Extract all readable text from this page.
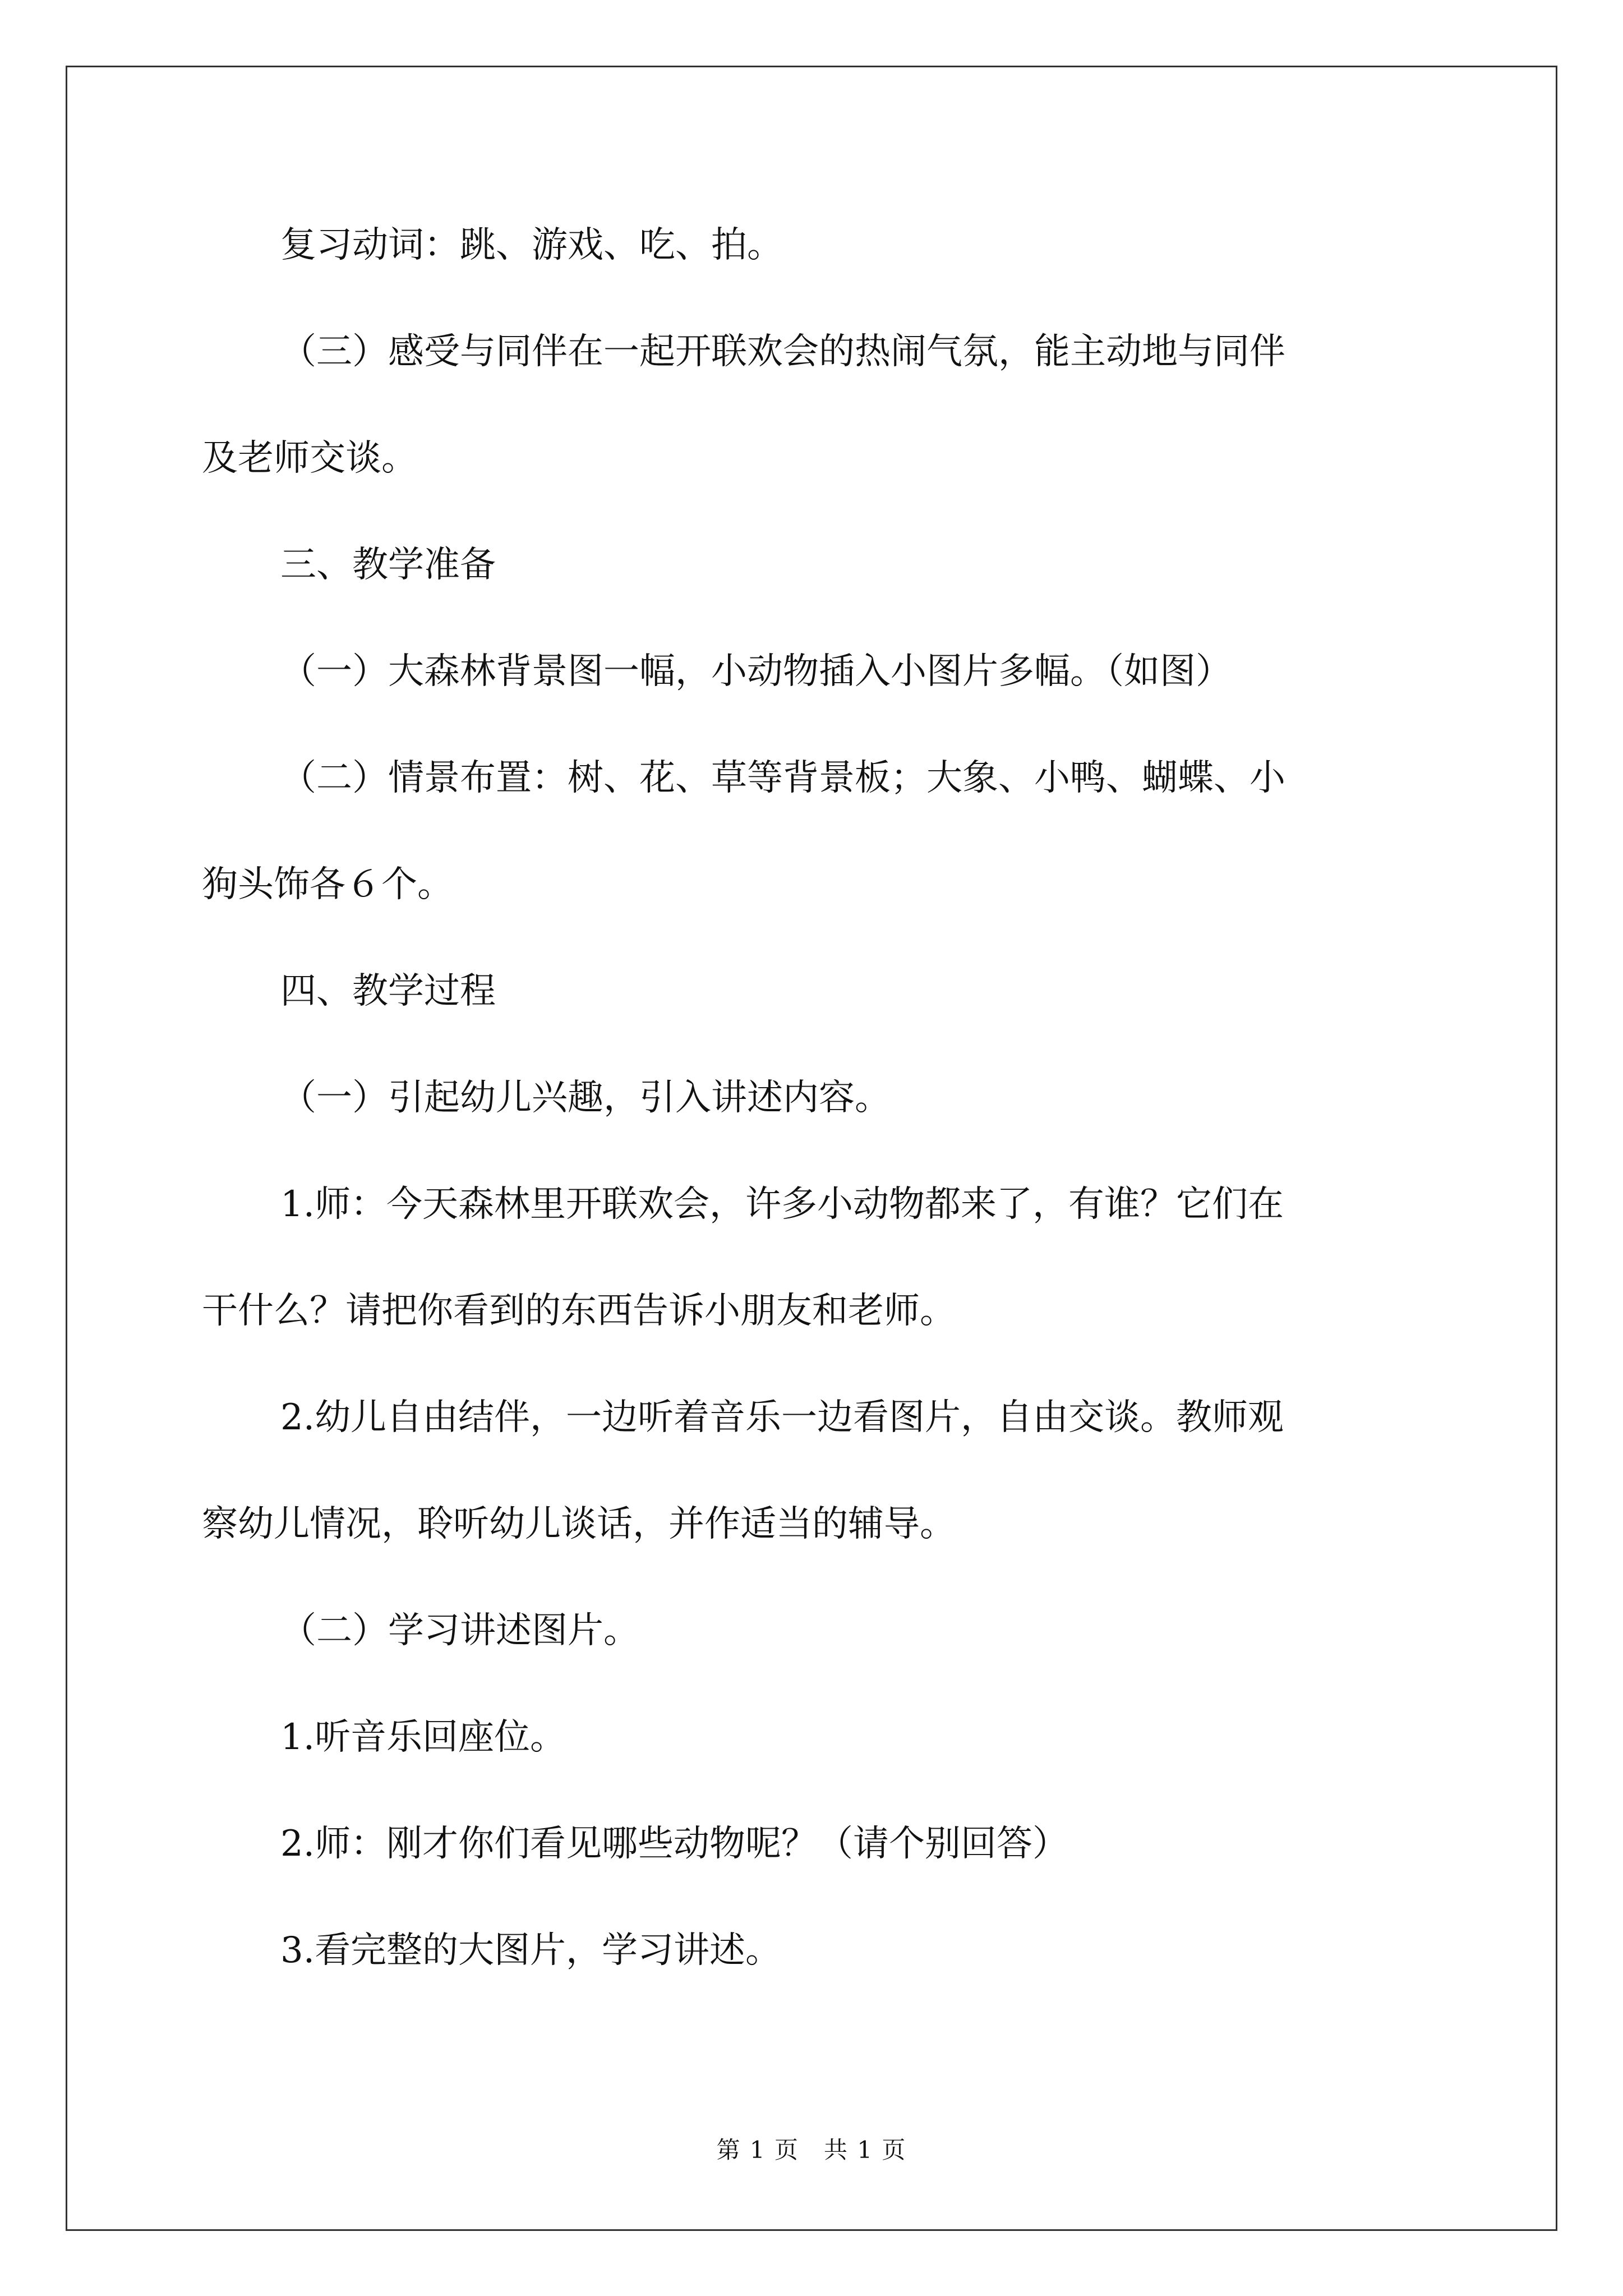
复习动词：跳、游戏、吃、拍。
（三）感受与同伴在一起开联欢会的热闹气氛，能主动地与同伴
及老师交谈。
三、教学准备
（一）大森林背景图一幅，小动物插入小图片多幅。（如图）
（二）情景布置：树、花、草等背景板；大象、小鸭、蝴蝶、小
狗头饰各６个。
四、教学过程
（一）引起幼儿兴趣，引入讲述内容。
1.师：今天森林里开联欢会，许多小动物都来了，有谁？它们在
干什么？请把你看到的东西告诉小朋友和老师。
2.幼儿自由结伴，一边听着音乐一边看图片，自由交谈。教师观
察幼儿情况，聆听幼儿谈话，并作适当的辅导。
（二）学习讲述图片。
1.听音乐回座位。
2.师：刚才你们看见哪些动物呢？（请个别回答）
3.看完整的大图片，学习讲述。
第 1 页　共 1 页
